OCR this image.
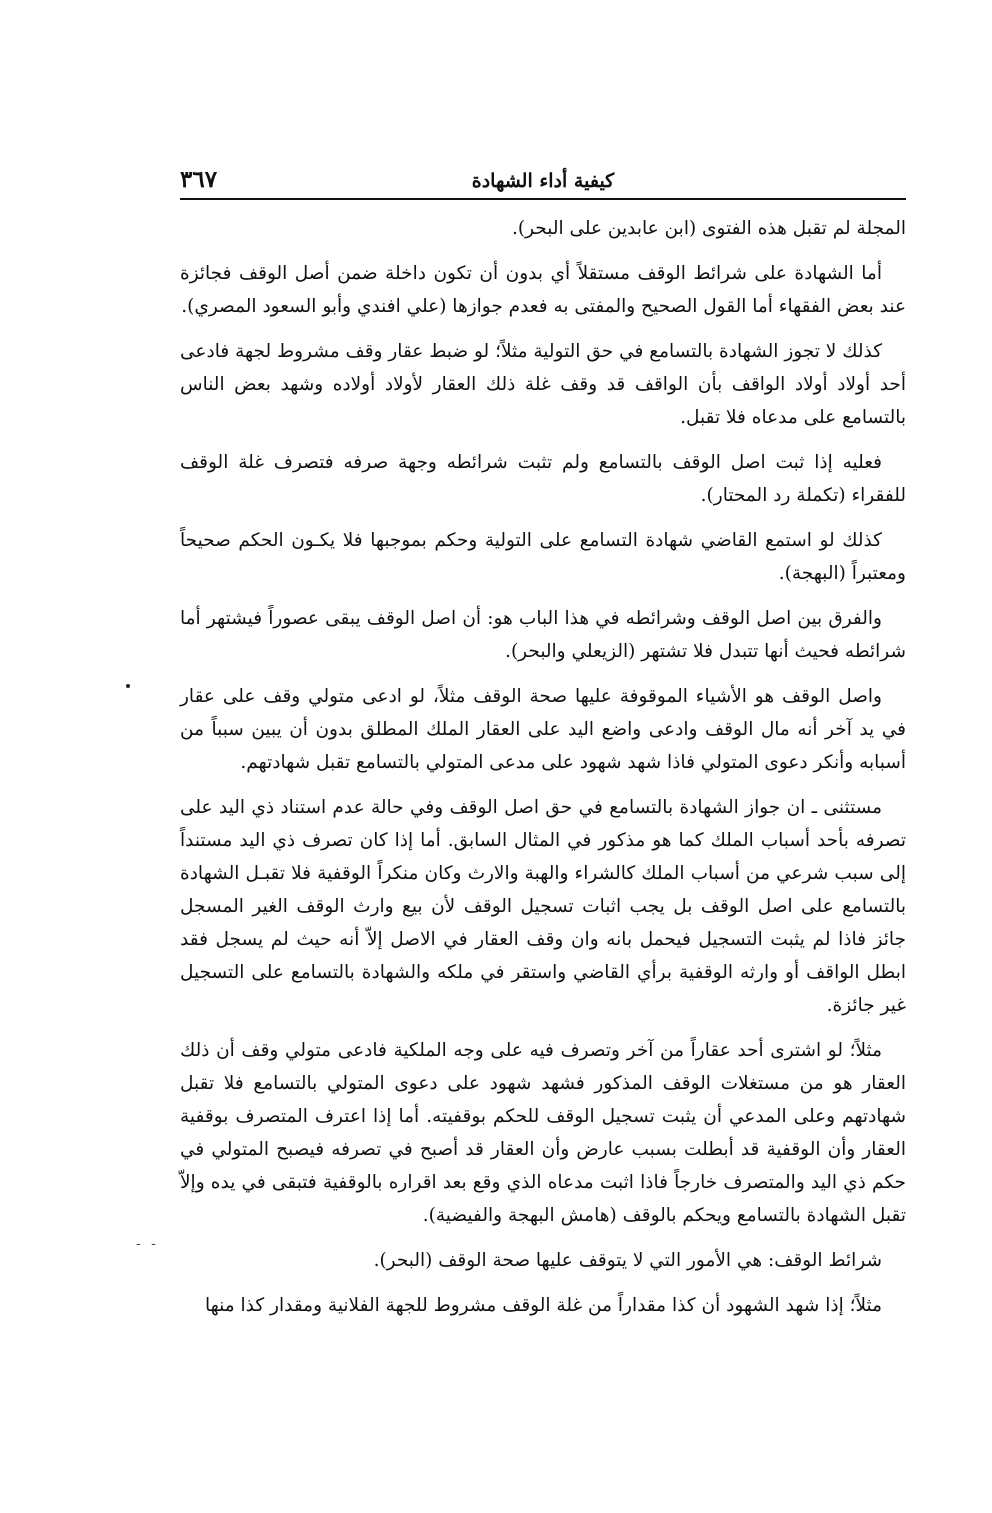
كيفية أداء الشهادة
٣٦٧

المجلة لم تقبل هذه الفتوى (ابن عابدين على البحر).

أما الشهادة على شرائط الوقف مستقلاً أي بدون أن تكون داخلة ضمن أصل الوقف فجائزة عند بعض الفقهاء أما القول الصحيح والمفتى به فعدم جوازها (علي افندي وأبو السعود المصري).

كذلك لا تجوز الشهادة بالتسامع في حق التولية مثلاً؛ لو ضبط عقار وقف مشروط لجهة فادعى أحد أولاد أولاد الواقف بأن الواقف قد وقف غلة ذلك العقار لأولاد أولاده وشهد بعض الناس بالتسامع على مدعاه فلا تقبل.

فعليه إذا ثبت اصل الوقف بالتسامع ولم تثبت شرائطه وجهة صرفه فتصرف غلة الوقف للفقراء (تكملة رد المحتار).

كذلك لو استمع القاضي شهادة التسامع على التولية وحكم بموجبها فلا يكـون الحكم صحيحاً ومعتبراً (البهجة).

والفرق بين اصل الوقف وشرائطه في هذا الباب هو: أن اصل الوقف يبقى عصوراً فيشتهر أما شرائطه فحيث أنها تتبدل فلا تشتهر (الزيعلي والبحر).

واصل الوقف هو الأشياء الموقوفة عليها صحة الوقف مثلاً، لو ادعى متولي وقف على عقار في يد آخر أنه مال الوقف وادعى واضع اليد على العقار الملك المطلق بدون أن يبين سبباً من أسبابه وأنكر دعوى المتولي فاذا شهد شهود على مدعى المتولي بالتسامع تقبل شهادتهم.

مستثنى ـ ان جواز الشهادة بالتسامع في حق اصل الوقف وفي حالة عدم استناد ذي اليد على تصرفه بأحد أسباب الملك كما هو مذكور في المثال السابق. أما إذا كان تصرف ذي اليد مستنداً إلى سبب شرعي من أسباب الملك كالشراء والهبة والارث وكان منكراً الوقفية فلا تقبـل الشهادة بالتسامع على اصل الوقف بل يجب اثبات تسجيل الوقف لأن بيع وارث الوقف الغير المسجل جائز فاذا لم يثبت التسجيل فيحمل بانه وان وقف العقار في الاصل إلاّ أنه حيث لم يسجل فقد ابطل الواقف أو وارثه الوقفية برأي القاضي واستقر في ملكه والشهادة بالتسامع على التسجيل غير جائزة.

مثلاً؛ لو اشترى أحد عقاراً من آخر وتصرف فيه على وجه الملكية فادعى متولي وقف أن ذلك العقار هو من مستغلات الوقف المذكور فشهد شهود على دعوى المتولي بالتسامع فلا تقبل شهادتهم وعلى المدعي أن يثبت تسجيل الوقف للحكم بوقفيته. أما إذا اعترف المتصرف بوقفية العقار وأن الوقفية قد أبطلت بسبب عارض وأن العقار قد أصبح في تصرفه فيصبح المتولي في حكم ذي اليد والمتصرف خارجاً فاذا اثبت مدعاه الذي وقع بعد اقراره بالوقفية فتبقى في يده وإلاّ تقبل الشهادة بالتسامع ويحكم بالوقف (هامش البهجة والفيضية).

شرائط الوقف: هي الأمور التي لا يتوقف عليها صحة الوقف (البحر).

مثلاً؛ إذا شهد الشهود أن كذا مقداراً من غلة الوقف مشروط للجهة الفلانية ومقدار كذا منها

- -
